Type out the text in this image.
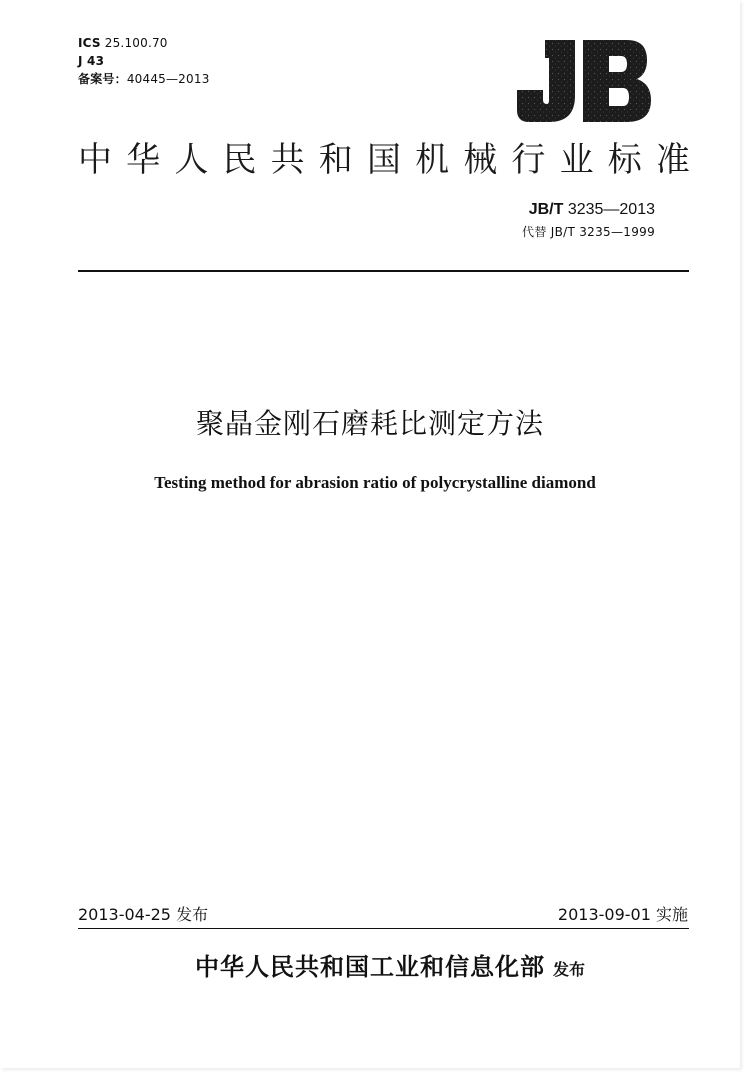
ICS 25.100.70
J 43
备案号：40445—2013
JB
中 华 人 民 共 和 国 机 械 行 业 标 准
JB/T 3235—2013
代替 JB/T 3235—1999
聚晶金刚石磨耗比测定方法
Testing method for abrasion ratio of polycrystalline diamond
2013-04-25 发布	2013-09-01 实施
中华人民共和国工业和信息化部 发布
